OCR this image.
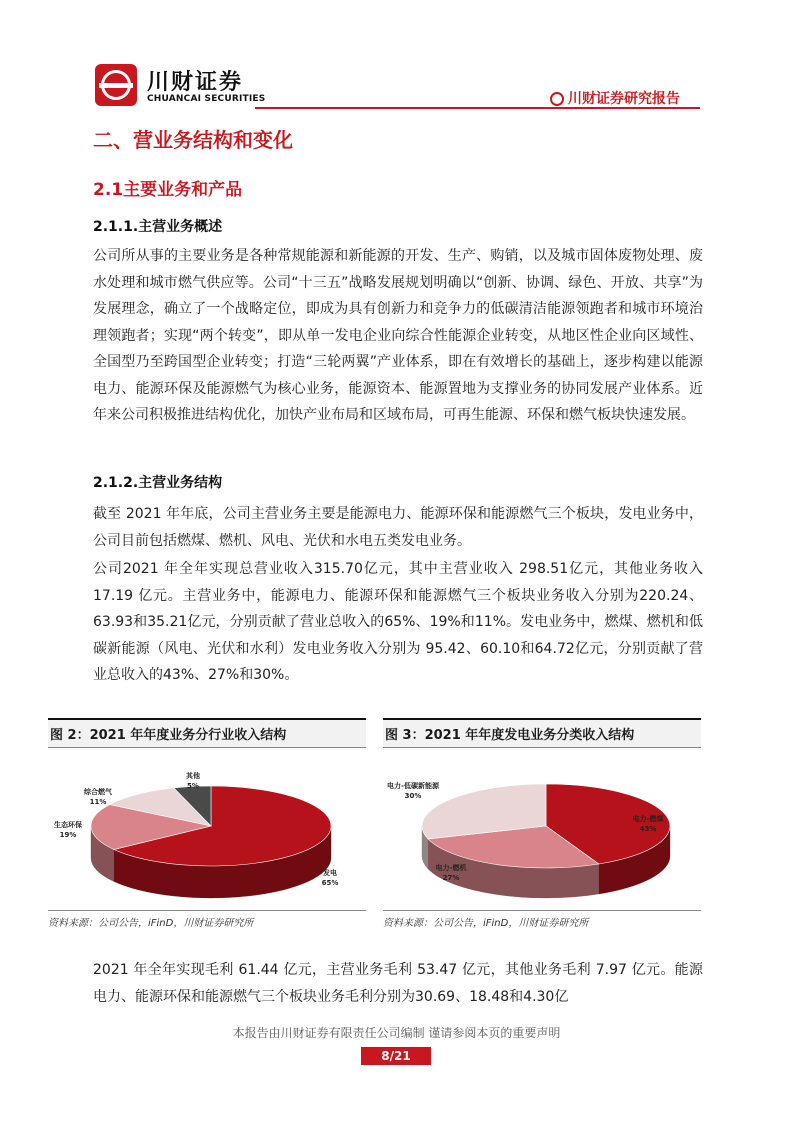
川财证券
CHUANCAI SECURITIES	川财证券研究报告
二、营业务结构和变化
2.1主要业务和产品
2.1.1.主营业务概述

公司所从事的主要业务是各种常规能源和新能源的开发、生产、购销，以及城市固体废物处理、废水处理和城市燃气供应等。公司“十三五”战略发展规划明确以“创新、协调、绿色、开放、共享”为发展理念，确立了一个战略定位，即成为具有创新力和竞争力的低碳清洁能源领跑者和城市环境治理领跑者；实现“两个转变”，即从单一发电企业向综合性能源企业转变，从地区性企业向区域性、全国型乃至跨国型企业转变；打造“三轮两翼”产业体系，即在有效增长的基础上，逐步构建以能源电力、能源环保及能源燃气为核心业务，能源资本、能源置地为支撑业务的协同发展产业体系。近年来公司积极推进结构优化，加快产业布局和区域布局，可再生能源、环保和燃气板块快速发展。

2.1.2.主营业务结构

截至 2021 年年底，公司主营业务主要是能源电力、能源环保和能源燃气三个板块，发电业务中，公司目前包括燃煤、燃机、风电、光伏和水电五类发电业务。

公司2021 年全年实现总营业收入315.70亿元，其中主营业收入 298.51亿元，其他业务收入 17.19 亿元。主营业务中，能源电力、能源环保和能源燃气三个板块业务收入分别为220.24、63.93和35.21亿元，分别贡献了营业总收入的65%、19%和11%。发电业务中，燃煤、燃机和低碳新能源（风电、光伏和水利）发电业务收入分别为 95.42、60.10和64.72亿元，分别贡献了营业总收入的43%、27%和30%。

图 2：2021 年年度业务分行业收入结构
发电
65%
生态环保
19%
综合燃气
11%
其他
5%
资料来源：公司公告，iFinD，川财证券研究所
图 3：2021 年年度发电业务分类收入结构
电力-燃煤
43%
电力-燃机
27%
电力-低碳新能源
30%
资料来源：公司公告，iFinD，川财证券研究所

2021 年全年实现毛利 61.44 亿元，主营业务毛利 53.47 亿元，其他业务毛利 7.97 亿元。能源电力、能源环保和能源燃气三个板块业务毛利分别为30.69、18.48和4.30亿

本报告由川财证券有限责任公司编制 谨请参阅本页的重要声明
8/21
